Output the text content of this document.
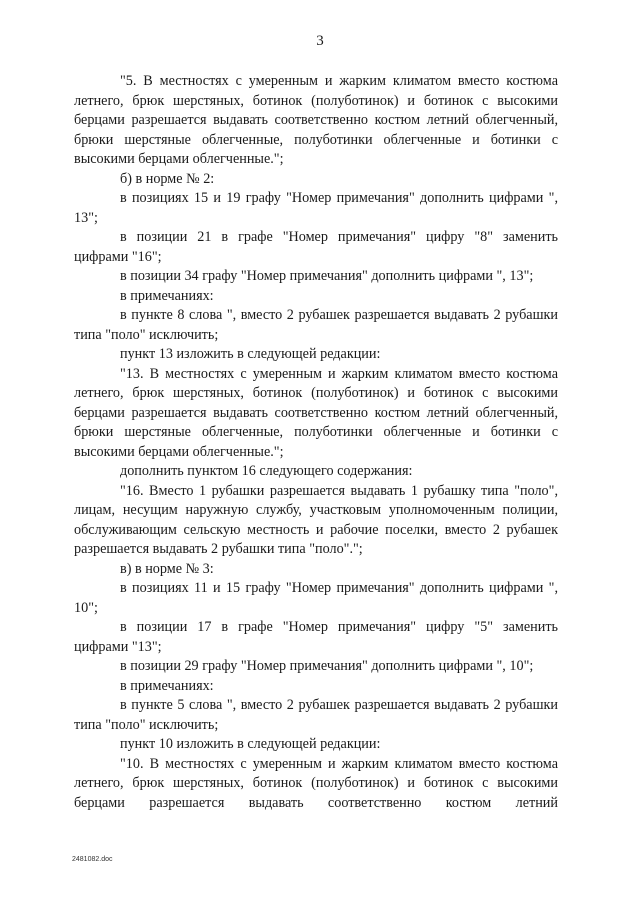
3

"5. В местностях с умеренным и жарким климатом вместо костюма летнего, брюк шерстяных, ботинок (полуботинок) и ботинок с высокими берцами разрешается выдавать соответственно костюм летний облегченный, брюки шерстяные облегченные, полуботинки облегченные и ботинки с высокими берцами облегченные.";

б) в норме № 2:

в позициях 15 и 19 графу "Номер примечания" дополнить цифрами ", 13";

в позиции 21 в графе "Номер примечания" цифру "8" заменить цифрами "16";

в позиции 34 графу "Номер примечания" дополнить цифрами ", 13";

в примечаниях:

в пункте 8 слова ", вместо 2 рубашек разрешается выдавать 2 рубашки типа "поло" исключить;

пункт 13 изложить в следующей редакции:

"13. В местностях с умеренным и жарким климатом вместо костюма летнего, брюк шерстяных, ботинок (полуботинок) и ботинок с высокими берцами разрешается выдавать соответственно костюм летний облегченный, брюки шерстяные облегченные, полуботинки облегченные и ботинки с высокими берцами облегченные.";

дополнить пунктом 16 следующего содержания:

"16. Вместо 1 рубашки разрешается выдавать 1 рубашку типа "поло", лицам, несущим наружную службу, участковым уполномоченным полиции, обслуживающим сельскую местность и рабочие поселки, вместо 2 рубашек разрешается выдавать 2 рубашки типа "поло".";

в) в норме № 3:

в позициях 11 и 15 графу "Номер примечания" дополнить цифрами ", 10";

в позиции 17 в графе "Номер примечания" цифру "5" заменить цифрами "13";

в позиции 29 графу "Номер примечания" дополнить цифрами ", 10";

в примечаниях:

в пункте 5 слова ", вместо 2 рубашек разрешается выдавать 2 рубашки типа "поло" исключить;

пункт 10 изложить в следующей редакции:

"10. В местностях с умеренным и жарким климатом вместо костюма летнего, брюк шерстяных, ботинок (полуботинок) и ботинок с высокими берцами разрешается выдавать соответственно костюм летний

2481082.doc
